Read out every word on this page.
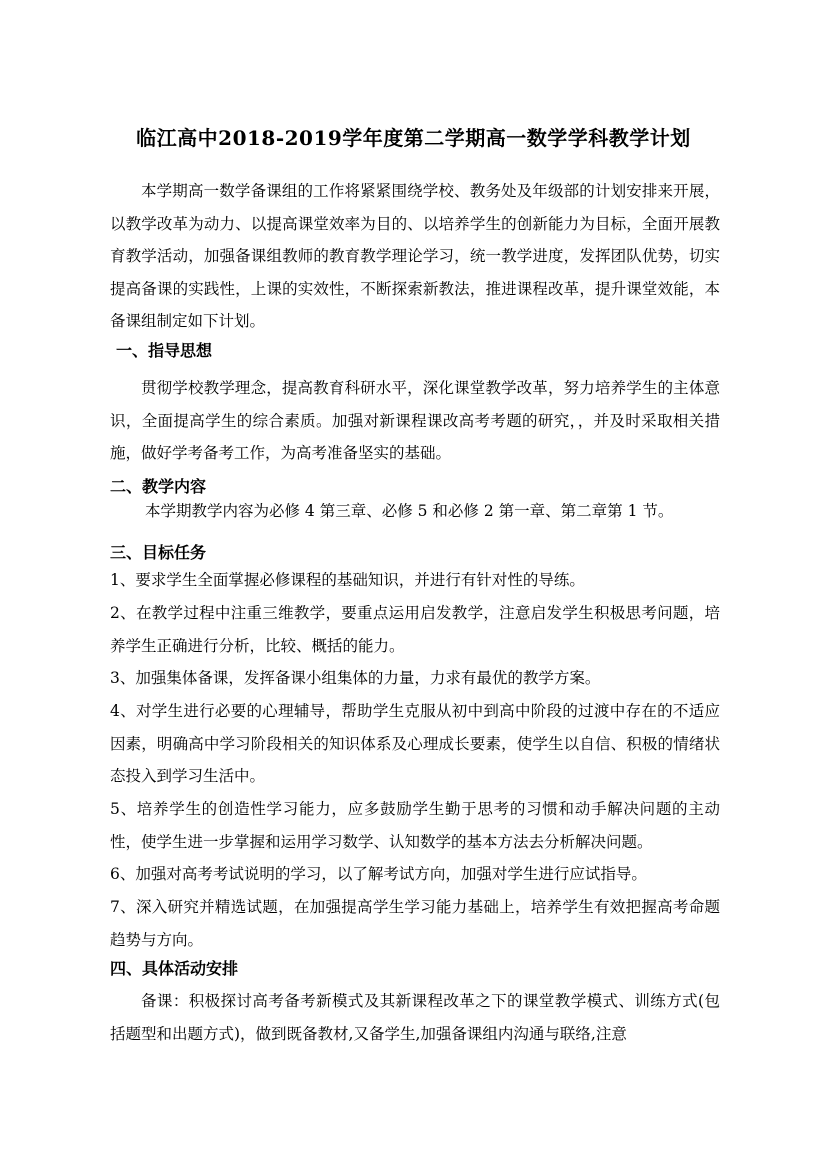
临江高中2018-2019学年度第二学期高一数学学科教学计划
本学期高一数学备课组的工作将紧紧围绕学校、教务处及年级部的计划安排来开展，以教学改革为动力、以提高课堂效率为目的、以培养学生的创新能力为目标，全面开展教育教学活动，加强备课组教师的教育教学理论学习，统一教学进度，发挥团队优势，切实提高备课的实践性，上课的实效性，不断探索新教法，推进课程改革，提升课堂效能，本备课组制定如下计划。
一、指导思想
贯彻学校教学理念，提高教育科研水平，深化课堂教学改革，努力培养学生的主体意识，全面提高学生的综合素质。加强对新课程课改高考考题的研究，，并及时采取相关措施，做好学考备考工作，为高考准备坚实的基础。
二、教学内容
本学期教学内容为必修 4 第三章、必修 5 和必修 2 第一章、第二章第 1 节。
三、目标任务
1、要求学生全面掌握必修课程的基础知识，并进行有针对性的导练。
2、在教学过程中注重三维教学，要重点运用启发教学，注意启发学生积极思考问题，培养学生正确进行分析，比较、概括的能力。
3、加强集体备课，发挥备课小组集体的力量，力求有最优的教学方案。
4、对学生进行必要的心理辅导，帮助学生克服从初中到高中阶段的过渡中存在的不适应因素，明确高中学习阶段相关的知识体系及心理成长要素，使学生以自信、积极的情绪状态投入到学习生活中。
5、培养学生的创造性学习能力，应多鼓励学生勤于思考的习惯和动手解决问题的主动性，使学生进一步掌握和运用学习数学、认知数学的基本方法去分析解决问题。
6、加强对高考考试说明的学习，以了解考试方向，加强对学生进行应试指导。
7、深入研究并精选试题，在加强提高学生学习能力基础上，培养学生有效把握高考命题趋势与方向。
四、具体活动安排
备课：积极探讨高考备考新模式及其新课程改革之下的课堂教学模式、训练方式(包括题型和出题方式)，做到既备教材,又备学生,加强备课组内沟通与联络,注意
